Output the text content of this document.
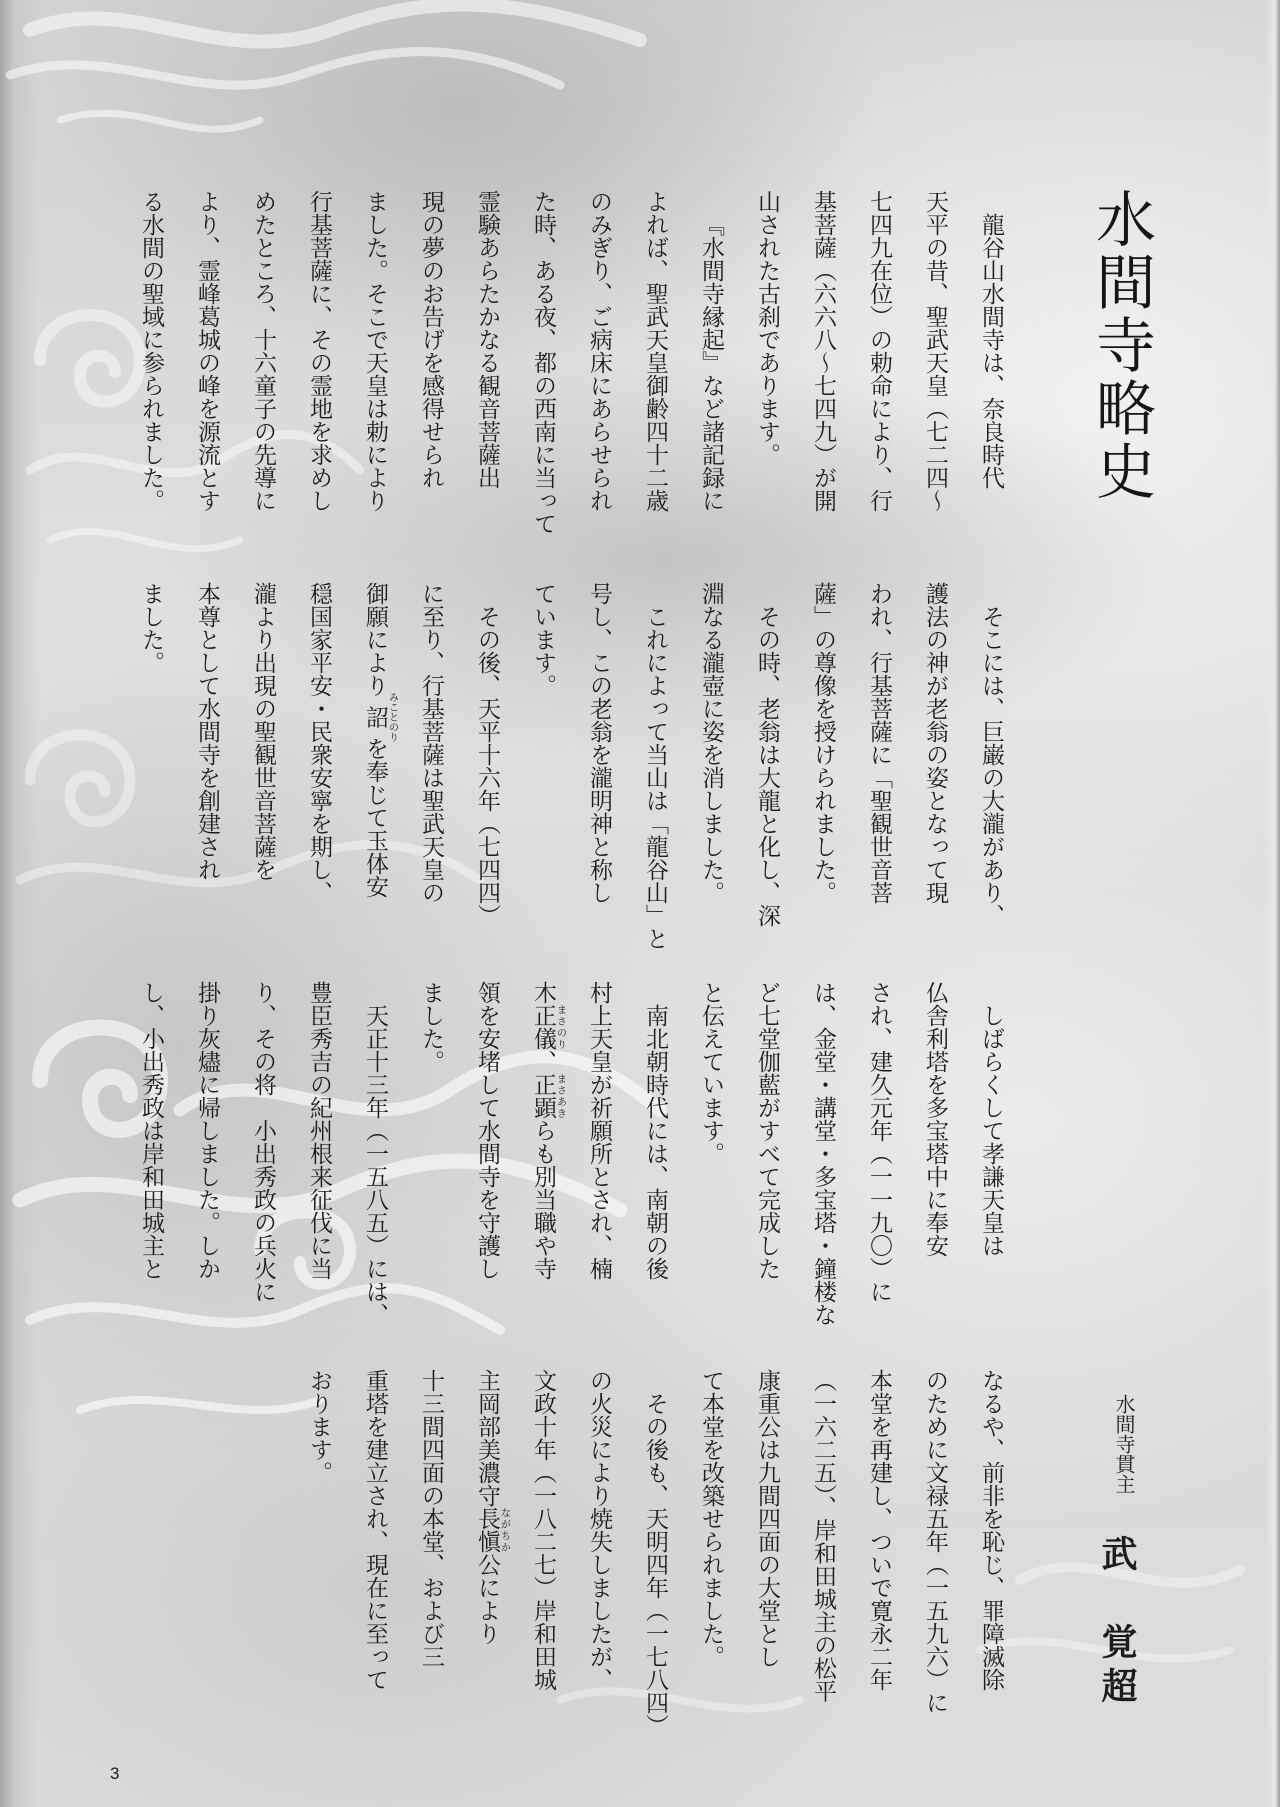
水間寺略史
龍谷山水間寺は、奈良時代
天平の昔、聖武天皇（七二四〜
七四九在位）の勅命により、行
基菩薩（六六八〜七四九）が開
山された古刹であります。
『水間寺縁起』など諸記録に
よれば、聖武天皇御齢四十二歳
のみぎり、ご病床にあらせられ
た時、ある夜、都の西南に当って
霊験あらたかなる観音菩薩出
現の夢のお告げを感得せられ
ました。そこで天皇は勅により
行基菩薩に、その霊地を求めし
めたところ、十六童子の先導に
より、霊峰葛城の峰を源流とす
る水間の聖域に参られました。
そこには、巨巌の大瀧があり、
護法の神が老翁の姿となって現
われ、行基菩薩に「聖観世音菩
薩」の尊像を授けられました。
その時、老翁は大龍と化し、深
淵なる瀧壺に姿を消しました。
これによって当山は「龍谷山」と
号し、この老翁を瀧明神と称し
ています。
その後、天平十六年（七四四）
に至り、行基菩薩は聖武天皇の
御願により詔みことのりを奉じて玉体安
穏国家平安・民衆安寧を期し、
瀧より出現の聖観世音菩薩を
本尊として水間寺を創建され
ました。
しばらくして孝謙天皇は
仏舎利塔を多宝塔中に奉安
され、建久元年（一一九〇）に
は、金堂・講堂・多宝塔・鐘楼な
ど七堂伽藍がすべて完成した
と伝えています。
南北朝時代には、南朝の後
村上天皇が祈願所とされ、楠
木正儀まさのり、正顕まさあきらも別当職や寺
領を安堵して水間寺を守護し
ました。
天正十三年（一五八五）には、
豊臣秀吉の紀州根来征伐に当
り、その将　小出秀政の兵火に
掛り灰燼に帰しました。しか
し、小出秀政は岸和田城主と
なるや、前非を恥じ、罪障滅除
のために文禄五年（一五九六）に
本堂を再建し、ついで寛永二年
（一六二五）、岸和田城主の松平
康重公は九間四面の大堂とし
て本堂を改築せられました。
その後も、天明四年（一七八四）
の火災により焼失しましたが、
文政十年（一八二七）岸和田城
主岡部美濃守長愼ながちか公により
十三間四面の本堂、および三
重塔を建立され、現在に至って
おります。	水間寺貫主
武　覚超
3
